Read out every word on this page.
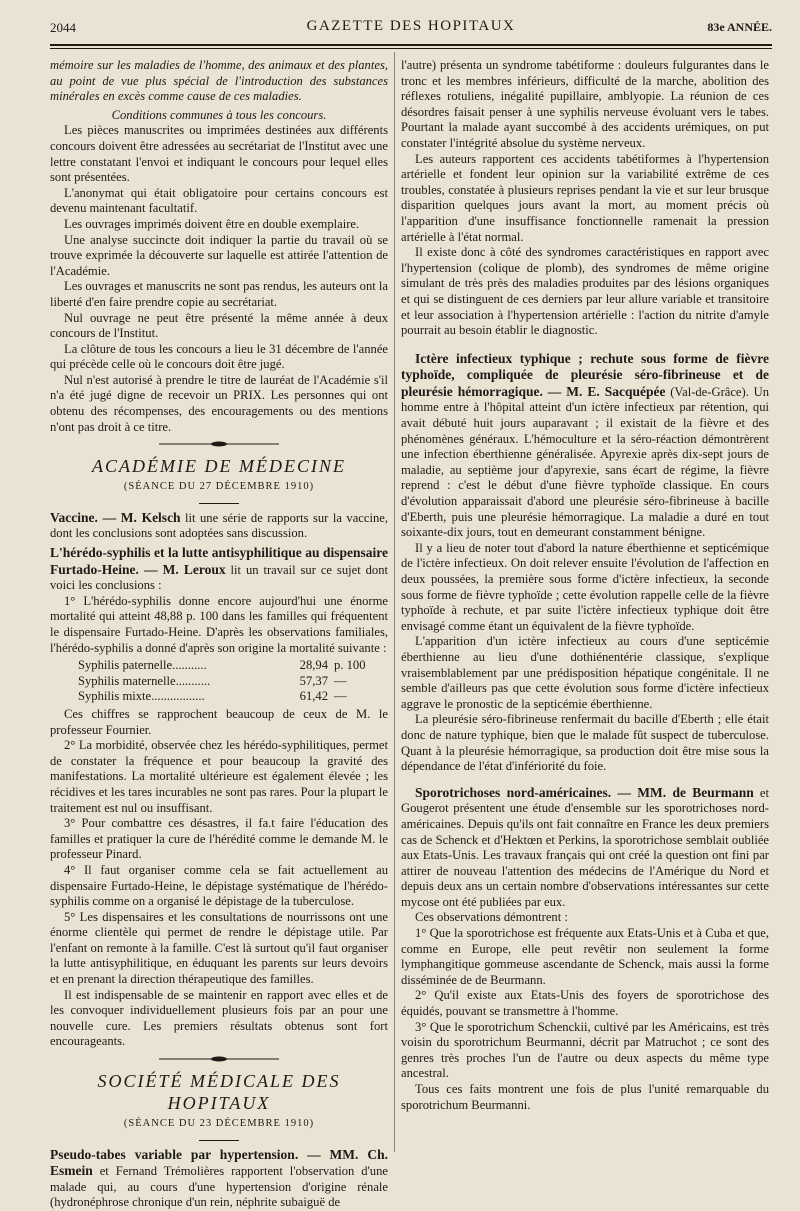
2044	GAZETTE DES HOPITAUX	83e ANNÉE.

mémoire sur les maladies de l'homme, des animaux et des plantes, au point de vue plus spécial de l'introduction des substances minérales en excès comme cause de ces maladies.

Conditions communes à tous les concours.

Les pièces manuscrites ou imprimées destinées aux différents concours doivent être adressées au secrétariat de l'Institut avec une lettre constatant l'envoi et indiquant le concours pour lequel elles sont présentées.

L'anonymat qui était obligatoire pour certains concours est devenu maintenant facultatif.

Les ouvrages imprimés doivent être en double exemplaire.

Une analyse succincte doit indiquer la partie du travail où se trouve exprimée la découverte sur laquelle est attirée l'attention de l'Académie.

Les ouvrages et manuscrits ne sont pas rendus, les auteurs ont la liberté d'en faire prendre copie au secrétariat.

Nul ouvrage ne peut être présenté la même année à deux concours de l'Institut.

La clôture de tous les concours a lieu le 31 décembre de l'année qui précède celle où le concours doit être jugé.

Nul n'est autorisé à prendre le titre de lauréat de l'Académie s'il n'a été jugé digne de recevoir un PRIX. Les personnes qui ont obtenu des récompenses, des encouragements ou des mentions n'ont pas droit à ce titre.

ACADÉMIE DE MÉDECINE
(SÉANCE DU 27 DÉCEMBRE 1910)

Vaccine. — M. Kelsch lit une série de rapports sur la vaccine, dont les conclusions sont adoptées sans discussion.

L'hérédo-syphilis et la lutte antisyphilitique au dispensaire Furtado-Heine. — M. Leroux lit un travail sur ce sujet dont voici les conclusions :

1° L'hérédo-syphilis donne encore aujourd'hui une énorme mortalité qui atteint 48,88 p. 100 dans les familles qui fréquentent le dispensaire Furtado-Heine. D'après les observations familiales, l'hérédo-syphilis a donné d'après son origine la mortalité suivante :

Syphilis paternelle...........	28,94 p. 100
Syphilis maternelle...........	57,37 —
Syphilis mixte.................	61,42 —

Ces chiffres se rapprochent beaucoup de ceux de M. le professeur Fournier.

2° La morbidité, observée chez les hérédo-syphilitiques, permet de constater la fréquence et pour beaucoup la gravité des manifestations. La mortalité ultérieure est également élevée ; les récidives et les tares incurables ne sont pas rares. Pour la plupart le traitement est nul ou insuffisant.

3° Pour combattre ces désastres, il fa.t faire l'éducation des familles et pratiquer la cure de l'hérédité comme le demande M. le professeur Pinard.

4° Il faut organiser comme cela se fait actuellement au dispensaire Furtado-Heine, le dépistage systématique de l'hérédo-syphilis comme on a organisé le dépistage de la tuberculose.

5° Les dispensaires et les consultations de nourrissons ont une énorme clientèle qui permet de rendre le dépistage utile. Par l'enfant on remonte à la famille. C'est là surtout qu'il faut organiser la lutte antisyphilitique, en éduquant les parents sur leurs devoirs et en prenant la direction thérapeutique des familles.

Il est indispensable de se maintenir en rapport avec elles et de les convoquer individuellement plusieurs fois par an pour une nouvelle cure. Les premiers résultats obtenus sont fort encourageants.

SOCIÉTÉ MÉDICALE DES HOPITAUX
(SÉANCE DU 23 DÉCEMBRE 1910)

Pseudo-tabes variable par hypertension. — MM. Ch. Esmein et Fernand Trémolières rapportent l'observation d'une malade qui, au cours d'une hypertension d'origine rénale (hydronéphrose chronique d'un rein, néphrite subaiguë de

l'autre) présenta un syndrome tabétiforme : douleurs fulgurantes dans le tronc et les membres inférieurs, difficulté de la marche, abolition des réflexes rotuliens, inégalité pupillaire, amblyopie. La réunion de ces désordres faisait penser à une syphilis nerveuse évoluant vers le tabes. Pourtant la malade ayant succombé à des accidents urémiques, on put constater l'intégrité absolue du système nerveux.

Les auteurs rapportent ces accidents tabétiformes à l'hypertension artérielle et fondent leur opinion sur la variabilité extrême de ces troubles, constatée à plusieurs reprises pendant la vie et sur leur brusque disparition quelques jours avant la mort, au moment précis où l'apparition d'une insuffisance fonctionnelle ramenait la pression artérielle à l'état normal.

Il existe donc à côté des syndromes caractéristiques en rapport avec l'hypertension (colique de plomb), des syndromes de même origine simulant de très près des maladies produites par des lésions organiques et qui se distinguent de ces derniers par leur allure variable et transitoire et leur association à l'hypertension artérielle : l'action du nitrite d'amyle pourrait au besoin établir le diagnostic.

Ictère infectieux typhique ; rechute sous forme de fièvre typhoïde, compliquée de pleurésie séro-fibrineuse et de pleurésie hémorragique. — M. E. Sacquépée (Val-de-Grâce). Un homme entre à l'hôpital atteint d'un ictère infectieux par rétention, qui avait débuté huit jours auparavant ; il existait de la fièvre et des phénomènes généraux. L'hémoculture et la séro-réaction démontrèrent une infection éberthienne généralisée. Apyrexie après dix-sept jours de maladie, au septième jour d'apyrexie, sans écart de régime, la fièvre reprend : c'est le début d'une fièvre typhoïde classique. En cours d'évolution apparaissait d'abord une pleurésie séro-fibrineuse à bacille d'Eberth, puis une pleurésie hémorragique. La maladie a duré en tout soixante-dix jours, tout en demeurant constamment bénigne.

Il y a lieu de noter tout d'abord la nature éberthienne et septicémique de l'ictère infectieux. On doit relever ensuite l'évolution de l'affection en deux poussées, la première sous forme d'ictère infectieux, la seconde sous forme de fièvre typhoïde ; cette évolution rappelle celle de la fièvre typhoïde à rechute, et par suite l'ictère infectieux typhique doit être envisagé comme étant un équivalent de la fièvre typhoïde.

L'apparition d'un ictère infectieux au cours d'une septicémie éberthienne au lieu d'une dothiénentérie classique, s'explique vraisemblablement par une prédisposition hépatique congénitale. Il ne semble d'ailleurs pas que cette évolution sous forme d'ictère infectieux aggrave le pronostic de la septicémie éberthienne.

La pleurésie séro-fibrineuse renfermait du bacille d'Eberth ; elle était donc de nature typhique, bien que le malade fût suspect de tuberculose. Quant à la pleurésie hémorragique, sa production doit être mise sous la dépendance de l'état d'infériorité du foie.

Sporotrichoses nord-américaines. — MM. de Beurmann et Gougerot présentent une étude d'ensemble sur les sporotrichoses nord-américaines. Depuis qu'ils ont fait connaître en France les deux premiers cas de Schenck et d'Hektœn et Perkins, la sporotrichose semblait oubliée aux Etats-Unis. Les travaux français qui ont créé la question ont fini par attirer de nouveau l'attention des médecins de l'Amérique du Nord et depuis deux ans un certain nombre d'observations intéressantes sur cette mycose ont été publiées par eux.

Ces observations démontrent :

1° Que la sporotrichose est fréquente aux Etats-Unis et à Cuba et que, comme en Europe, elle peut revêtir non seulement la forme lymphangitique gommeuse ascendante de Schenck, mais aussi la forme disséminée de de Beurmann.

2° Qu'il existe aux Etats-Unis des foyers de sporotrichose des équidés, pouvant se transmettre à l'homme.

3° Que le sporotrichum Schenckii, cultivé par les Américains, est très voisin du sporotrichum Beurmanni, décrit par Matruchot ; ce sont des genres très proches l'un de l'autre ou deux aspects du même type ancestral.

Tous ces faits montrent une fois de plus l'unité remarquable du sporotrichum Beurmanni.
